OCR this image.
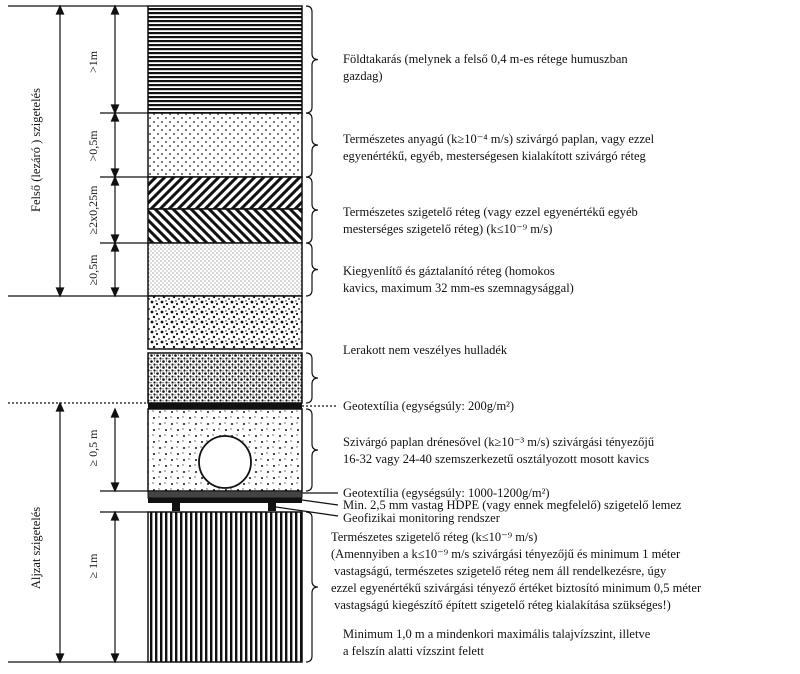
Felső (lezáró ) szigetelés
Aljzat szigetelés
>1m
>0,5m
≥2x0,25m
≥0,5m
≥ 0,5 m
≥ 1m
Földtakarás (melynek a felső 0,4 m-es rétege humuszban gazdag)
Természetes anyagú (k≥10⁻⁴ m/s) szivárgó paplan, vagy ezzel egyenértékű, egyéb, mesterségesen kialakított szivárgó réteg
Természetes szigetelő réteg (vagy ezzel egyenértékű egyéb mesterséges szigetelő réteg) (k≤10⁻⁹ m/s)
Kiegyenlítő és gáztalanító réteg (homokos kavics, maximum 32 mm-es szemnagysággal)
Lerakott nem veszélyes hulladék
Geotextília (egységsúly: 200g/m²)
Szivárgó paplan drénesővel (k≥10⁻³ m/s) szivárgási tényezőjű 16-32 vagy 24-40 szemszerkezetű osztályozott mosott kavics
Geotextília (egységsúly: 1000-1200g/m²)
Min. 2,5 mm vastag HDPE (vagy ennek megfelelő) szigetelő lemez
Geofizikai monitoring rendszer
Természetes szigetelő réteg (k≤10⁻⁹ m/s) (Amennyiben a k≤10⁻⁹ m/s szivárgási tényezőjű és minimum 1 méter vastagságú, természetes szigetelő réteg nem áll rendelkezésre, úgy ezzel egyenértékű szivárgási tényező értéket biztosító minimum 0,5 méter vastagságú kiegészítő épített szigetelő réteg kialakítása szükséges!)
Minimum 1,0 m a mindenkori maximális talajvízszint, illetve a felszín alatti vízszint felett
